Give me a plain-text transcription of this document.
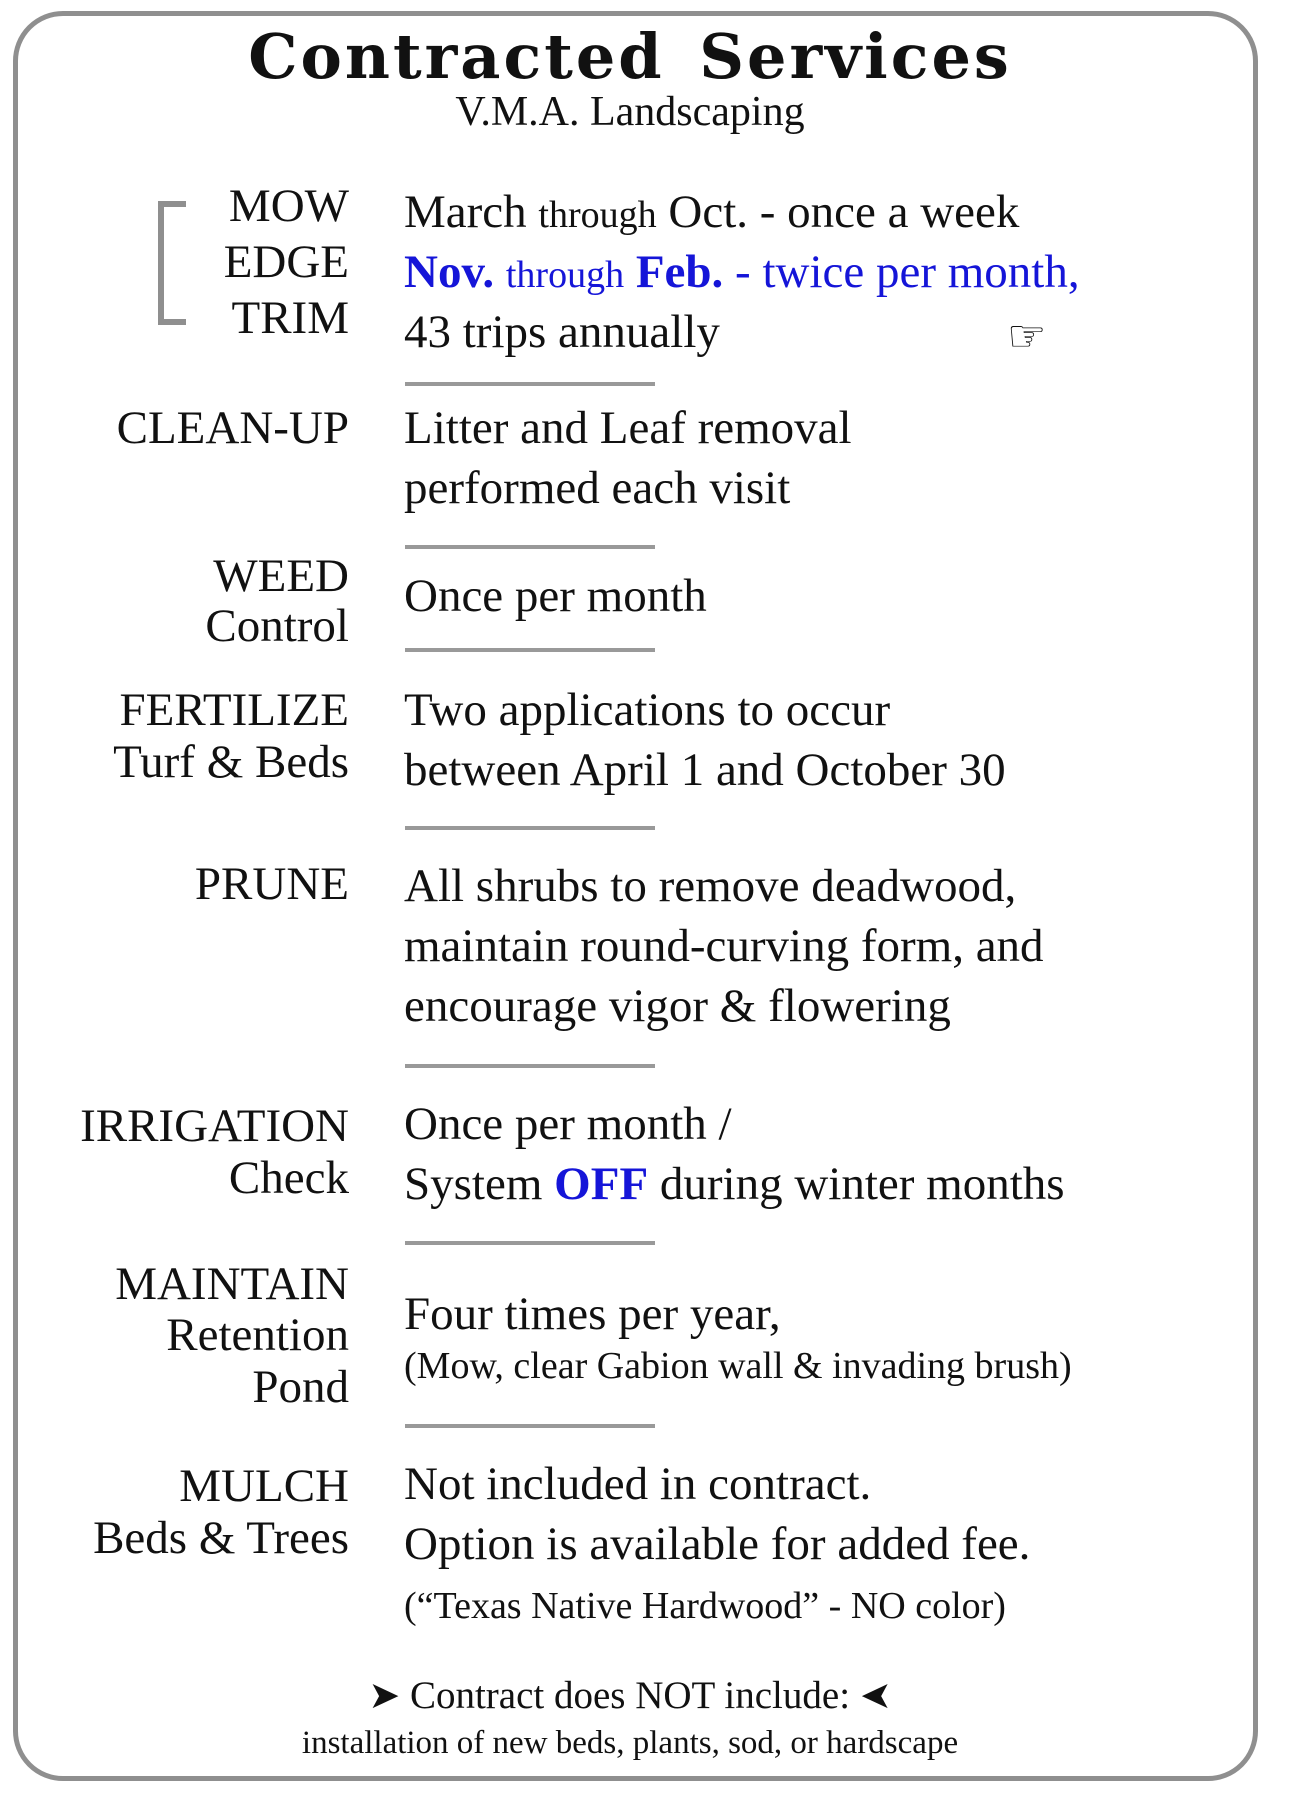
Contracted Services
V.M.A. Landscaping
MOW
EDGE
TRIM
March through Oct. - once a week
Nov. through Feb. - twice per month,
43 trips annually	☞
CLEAN-UP Litter and Leaf removal
performed each visit
WEED
Control
Once per month
FERTILIZE
Turf & Beds
Two applications to occur
between April 1 and October 30
PRUNE All shrubs to remove deadwood,
maintain round-curving form, and
encourage vigor & flowering
IRRIGATION
Check
Once per month /
System OFF during winter months
MAINTAIN
Retention
Pond
Four times per year,
(Mow, clear Gabion wall & invading brush)
MULCH
Beds & Trees
Not included in contract.
Option is available for added fee.
(“Texas Native Hardwood” - NO color)
➤ Contract does NOT include: ➤
installation of new beds, plants, sod, or hardscape
